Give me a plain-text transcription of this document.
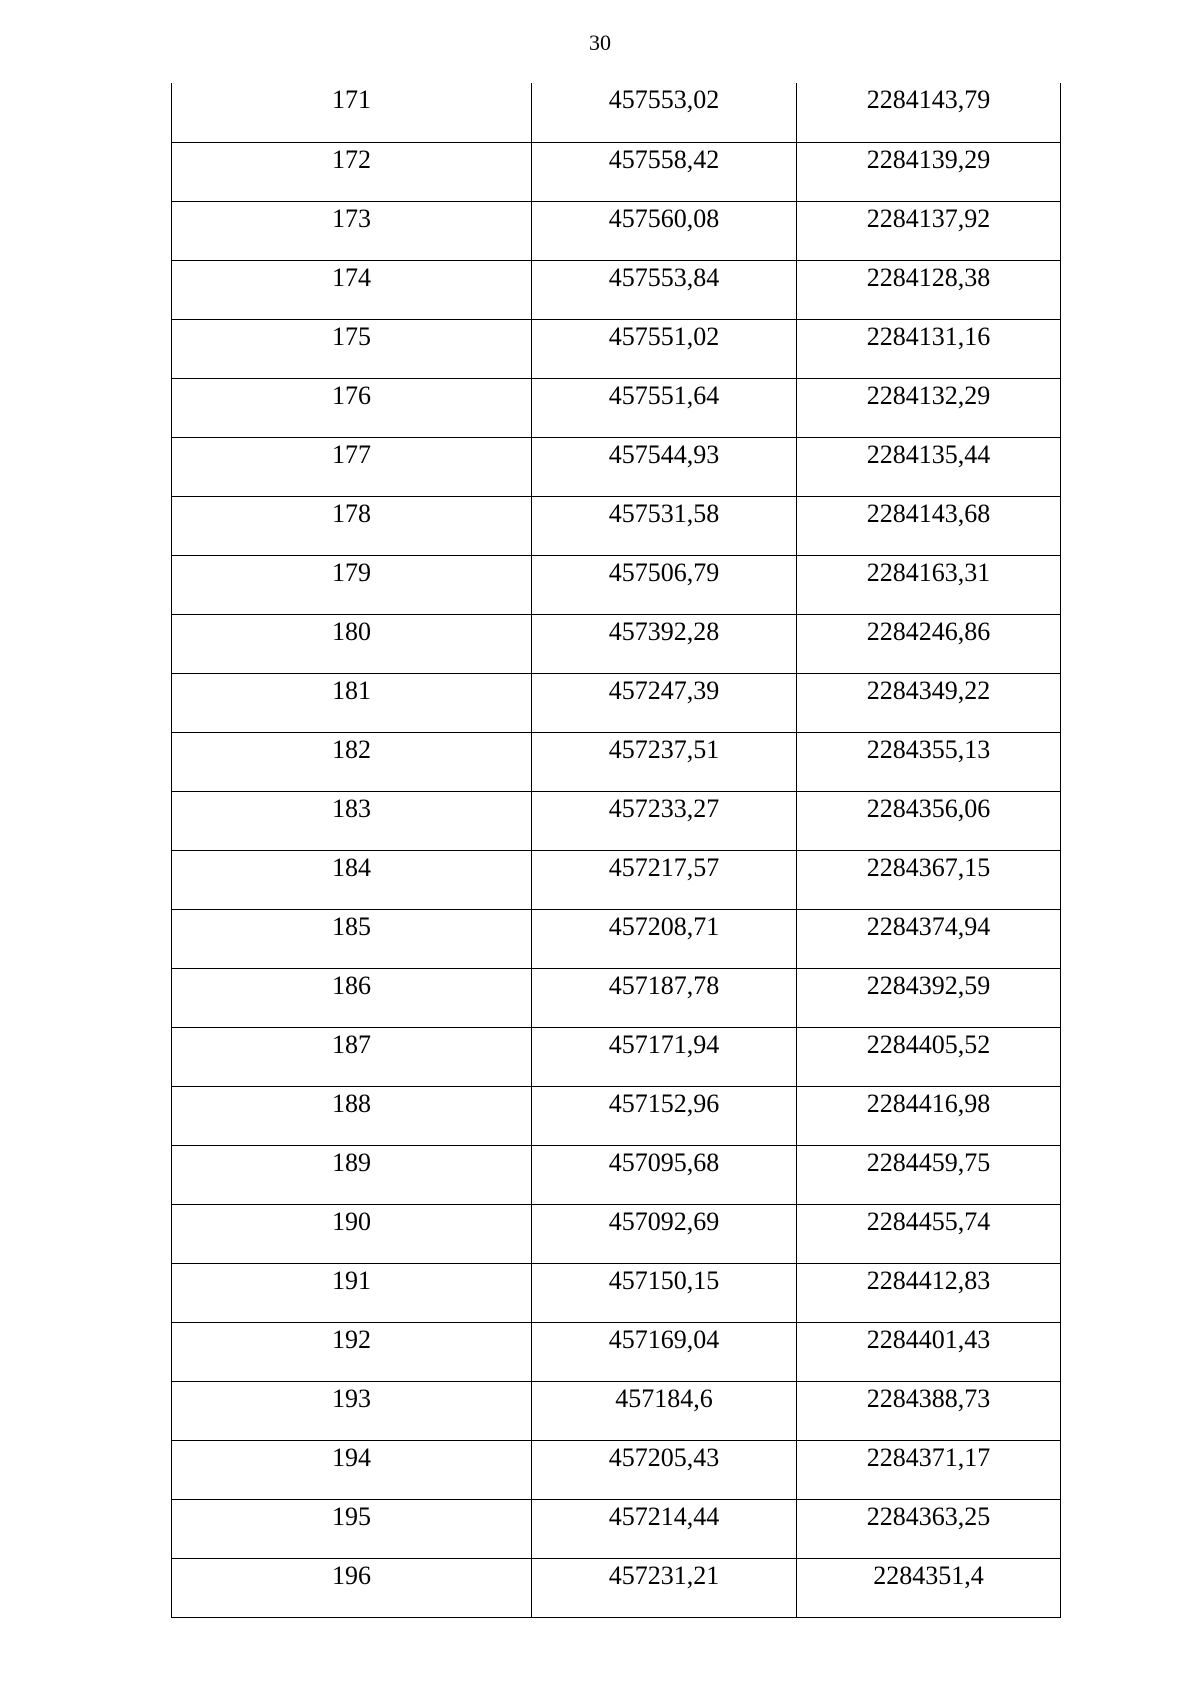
30
171	457553,02	2284143,79
172	457558,42	2284139,29
173	457560,08	2284137,92
174	457553,84	2284128,38
175	457551,02	2284131,16
176	457551,64	2284132,29
177	457544,93	2284135,44
178	457531,58	2284143,68
179	457506,79	2284163,31
180	457392,28	2284246,86
181	457247,39	2284349,22
182	457237,51	2284355,13
183	457233,27	2284356,06
184	457217,57	2284367,15
185	457208,71	2284374,94
186	457187,78	2284392,59
187	457171,94	2284405,52
188	457152,96	2284416,98
189	457095,68	2284459,75
190	457092,69	2284455,74
191	457150,15	2284412,83
192	457169,04	2284401,43
193	457184,6	2284388,73
194	457205,43	2284371,17
195	457214,44	2284363,25
196	457231,21	2284351,4
